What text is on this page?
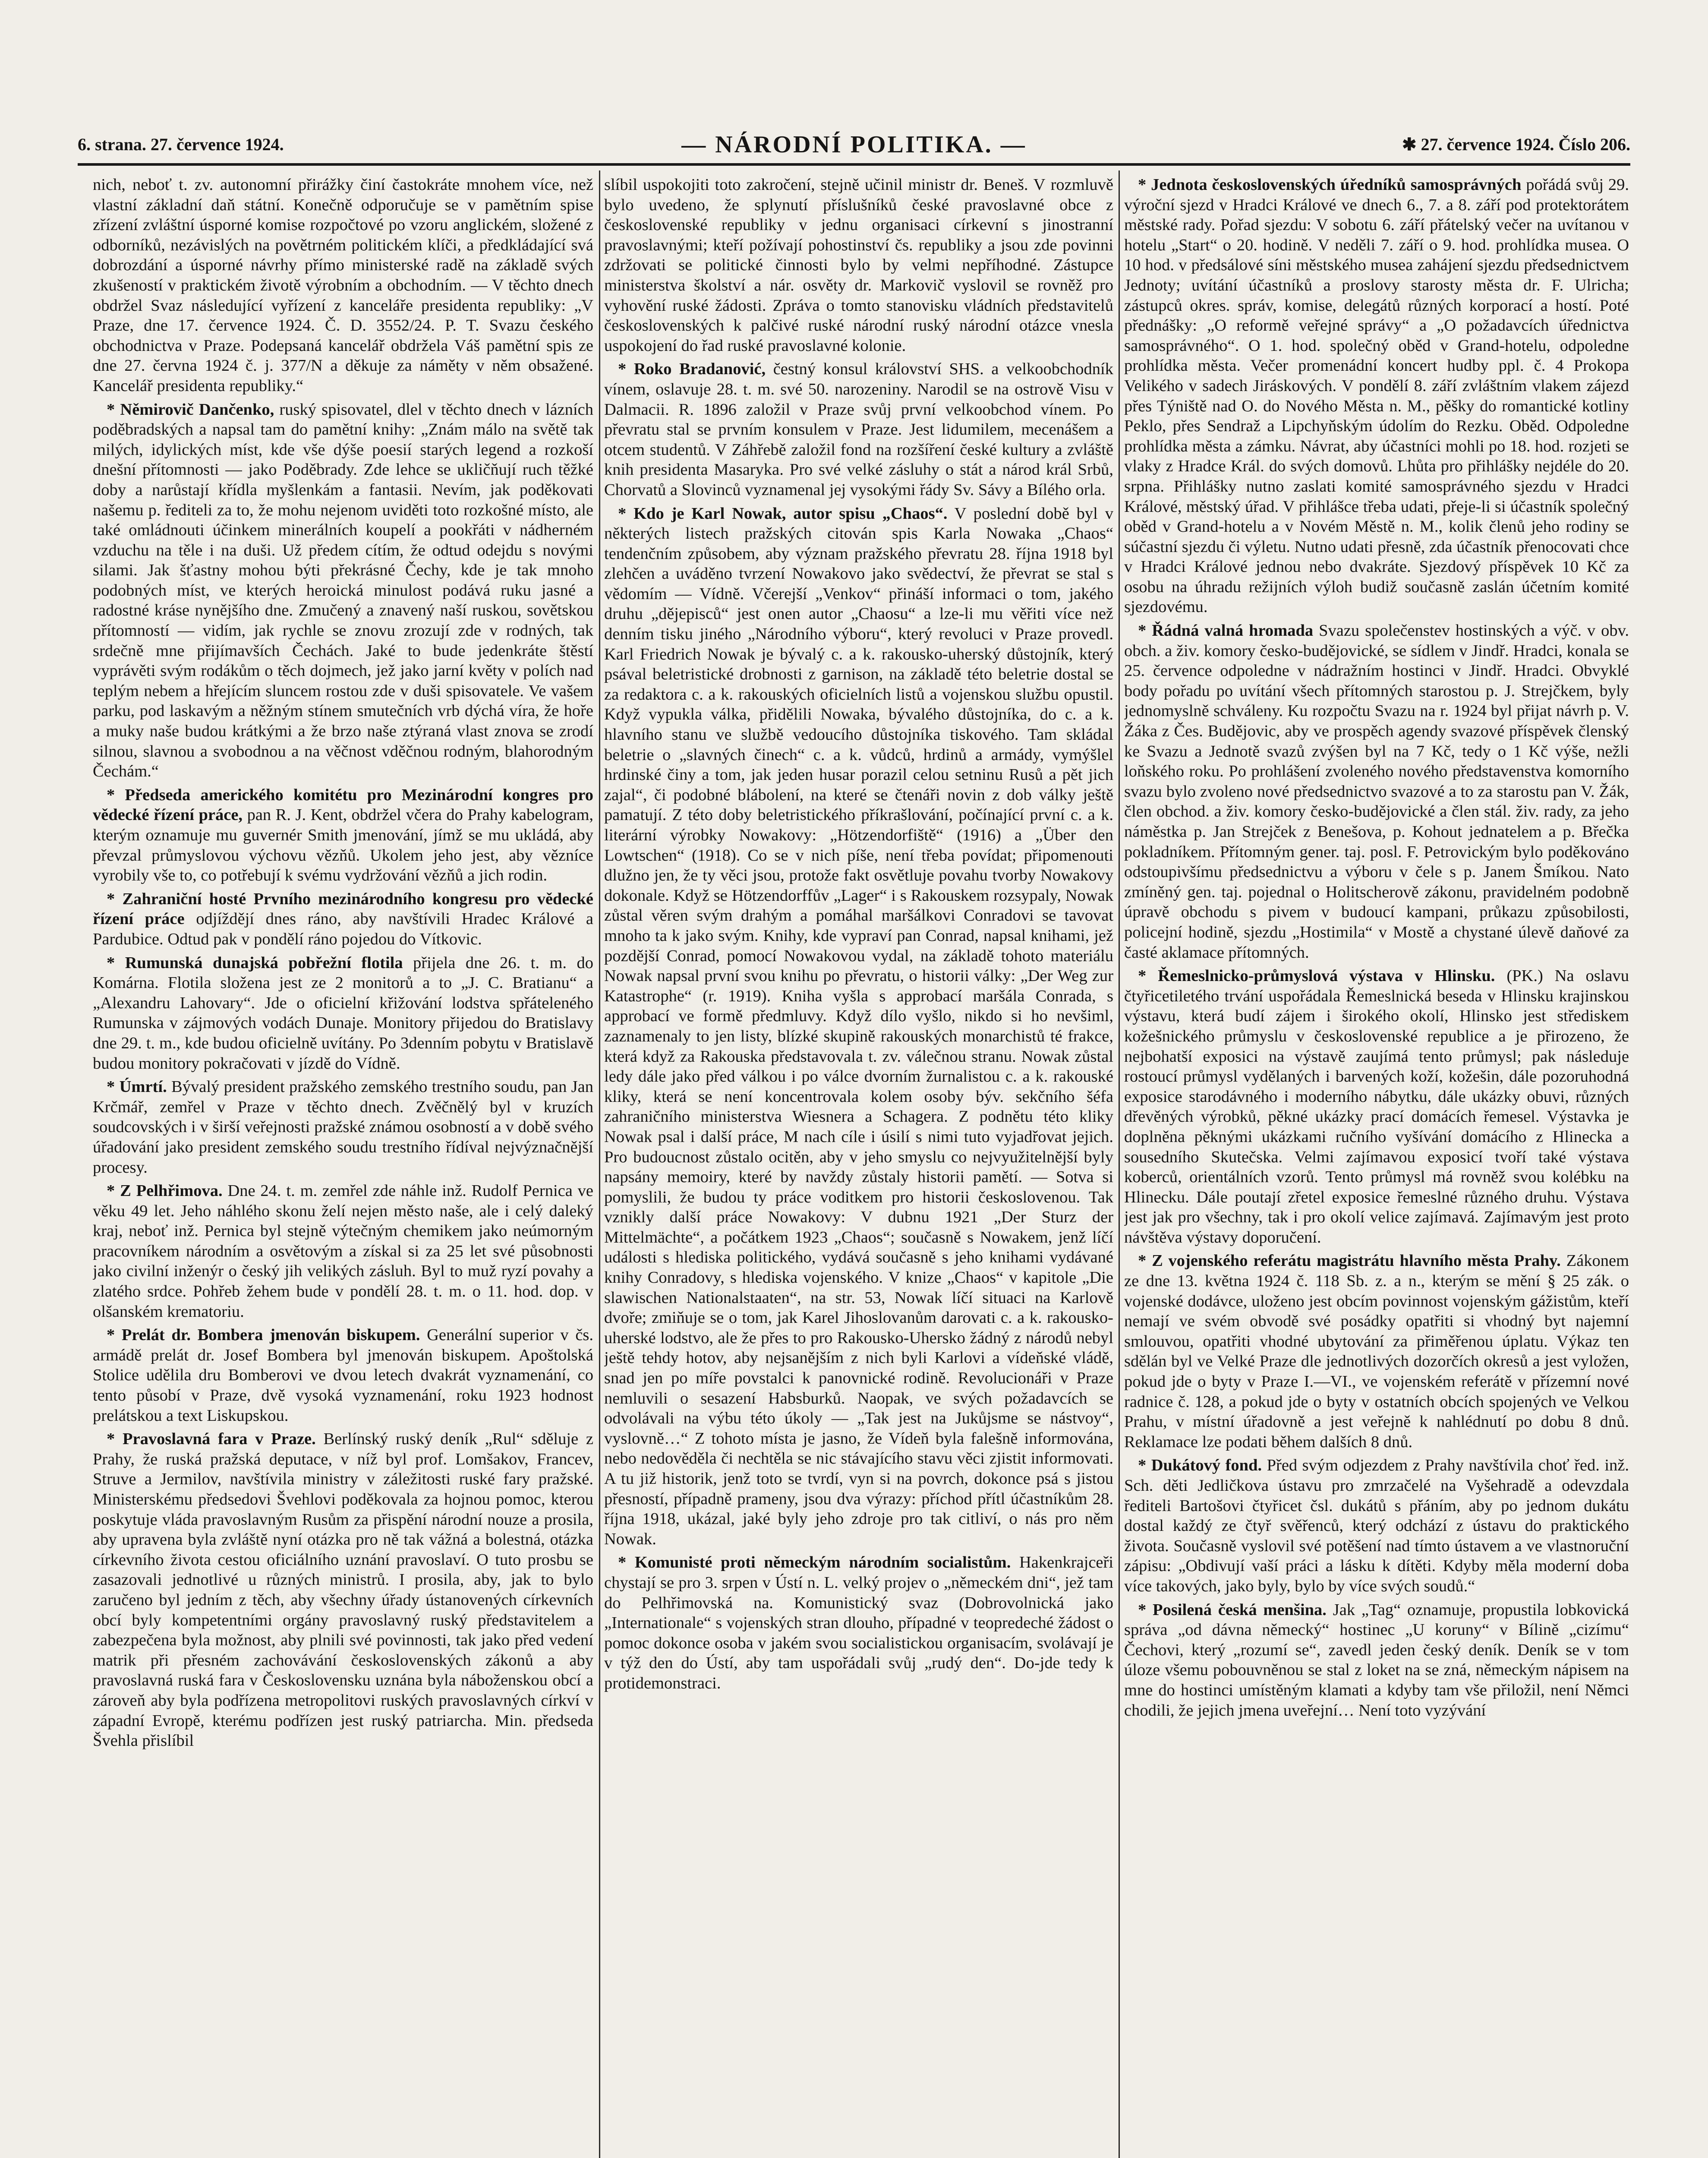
6. strana. 27. července 1924.	— NÁRODNÍ POLITIKA. —	✱ 27. července 1924. Číslo 206.

nich, neboť t. zv. autonomní přirážky činí častokráte mnohem více, než vlastní základní daň státní. Konečně odporučuje se v pamětním spise zřízení zvláštní úsporné komise rozpočtové po vzoru anglickém, složené z odborníků, nezávislých na povětrném politickém klíči, a předkládající svá dobrozdání a úsporné návrhy přímo ministerské radě na základě svých zkušeností v praktickém životě výrobním a obchodním. — V těchto dnech obdržel Svaz následující vyřízení z kanceláře presidenta republiky: „V Praze, dne 17. července 1924. Č. D. 3552/24. P. T. Svazu českého obchodnictva v Praze. Podepsaná kancelář obdržela Váš pamětní spis ze dne 27. června 1924 č. j. 377/N a děkuje za náměty v něm obsažené. Kancelář presidenta republiky.“

* Němirovič Dančenko, ruský spisovatel, dlel v těchto dnech v lázních poděbradských a napsal tam do pamětní knihy: „Znám málo na světě tak milých, idylických míst, kde vše dýše poesií starých legend a rozkoší dnešní přítomnosti — jako Poděbrady. Zde lehce se ukličňují ruch těžké doby a narůstají křídla myšlenkám a fantasii. Nevím, jak poděkovati našemu p. řediteli za to, že mohu nejenom uviděti toto rozkošné místo, ale také omládnouti účinkem minerálních koupelí a pookřáti v nádherném vzduchu na těle i na duši. Už předem cítím, že odtud odejdu s novými silami. Jak šťastny mohou býti překrásné Čechy, kde je tak mnoho podobných míst, ve kterých heroická minulost podává ruku jasné a radostné kráse nynějšího dne. Zmučený a znavený naší ruskou, sovětskou přítomností — vidím, jak rychle se znovu zrozují zde v rodných, tak srdečně mne přijímavších Čechách. Jaké to bude jedenkráte štěstí vyprávěti svým rodákům o těch dojmech, jež jako jarní květy v polích nad teplým nebem a hřejícím sluncem rostou zde v duši spisovatele. Ve vašem parku, pod laskavým a něžným stínem smutečních vrb dýchá víra, že hoře a muky naše budou krátkými a že brzo naše ztýraná vlast znova se zrodí silnou, slavnou a svobodnou a na věčnost vděčnou rodným, blahorodným Čechám.“

* Předseda amerického komitétu pro Mezinárodní kongres pro vědecké řízení práce, pan R. J. Kent, obdržel včera do Prahy kabelogram, kterým oznamuje mu guvernér Smith jmenování, jímž se mu ukládá, aby převzal průmyslovou výchovu vězňů. Ukolem jeho jest, aby vězníce vyrobily vše to, co potřebují k svému vydržování vězňů a jich rodin.

* Zahraniční hosté Prvního mezinárodního kongresu pro vědecké řízení práce odjíždějí dnes ráno, aby navštívili Hradec Králové a Pardubice. Odtud pak v pondělí ráno pojedou do Vítkovic.

* Rumunská dunajská pobřežní flotila přijela dne 26. t. m. do Komárna. Flotila složena jest ze 2 monitorů a to „J. C. Bratianu“ a „Alexandru Lahovary“. Jde o oficielní křižování lodstva spřáteleného Rumunska v zájmových vodách Dunaje. Monitory přijedou do Bratislavy dne 29. t. m., kde budou oficielně uvítány. Po 3denním pobytu v Bratislavě budou monitory pokračovati v jízdě do Vídně.

* Úmrtí. Bývalý president pražského zemského trestního soudu, pan Jan Krčmář, zemřel v Praze v těchto dnech. Zvěčnělý byl v kruzích soudcovských i v širší veřejnosti pražské známou osobností a v době svého úřadování jako president zemského soudu trestního řídíval nejvýznačnější procesy.

* Z Pelhřimova. Dne 24. t. m. zemřel zde náhle inž. Rudolf Pernica ve věku 49 let. Jeho náhlého skonu želí nejen město naše, ale i celý daleký kraj, neboť inž. Pernica byl stejně výtečným chemikem jako neúmorným pracovníkem národním a osvětovým a získal si za 25 let své působnosti jako civilní inženýr o český jih velikých zásluh. Byl to muž ryzí povahy a zlatého srdce. Pohřeb žehem bude v pondělí 28. t. m. o 11. hod. dop. v olšanském krematoriu.

* Prelát dr. Bombera jmenován biskupem. Generální superior v čs. armádě prelát dr. Josef Bombera byl jmenován biskupem. Apoštolská Stolice udělila dru Bomberovi ve dvou letech dvakrát vyznamenání, co tento působí v Praze, dvě vysoká vyznamenání, roku 1923 hodnost prelátskou a text Liskupskou.

* Pravoslavná fara v Praze. Berlínský ruský deník „Rul“ sděluje z Prahy, že ruská pražská deputace, v níž byl prof. Lomšakov, Francev, Struve a Jermilov, navštívila ministry v záležitosti ruské fary pražské. Ministerskému předsedovi Švehlovi poděkovala za hojnou pomoc, kterou poskytuje vláda pravoslavným Rusům za přispění národní nouze a prosila, aby upravena byla zvláště nyní otázka pro ně tak vážná a bolestná, otázka církevního života cestou oficiálního uznání pravoslaví. O tuto prosbu se zasazovali jednotlivé u různých ministrů. I prosila, aby, jak to bylo zaručeno byl jedním z těch, aby všechny úřady ústanovených církevních obcí byly kompetentními orgány pravoslavný ruský představitelem a zabezpečena byla možnost, aby plnili své povinnosti, tak jako před vedení matrik při přesném zachovávání československých zákonů a aby pravoslavná ruská fara v Československu uznána byla náboženskou obcí a zároveň aby byla podřízena metropolitovi ruských pravoslavných církví v západní Evropě, kterému podřízen jest ruský patriarcha. Min. předseda Švehla přislíbil

slíbil uspokojiti toto zakročení, stejně učinil ministr dr. Beneš. V rozmluvě bylo uvedeno, že splynutí příslušníků české pravoslavné obce z československé republiky v jednu organisaci církevní s jinostranní pravoslavnými; kteří požívají pohostinství čs. republiky a jsou zde povinni zdržovati se politické činnosti bylo by velmi nepříhodné. Zástupce ministerstva školství a nár. osvěty dr. Markovič vyslovil se rovněž pro vyhovění ruské žádosti. Zpráva o tomto stanovisku vládních představitelů československých k palčivé ruské národní ruský národní otázce vnesla uspokojení do řad ruské pravoslavné kolonie.

* Roko Bradanović, čestný konsul království SHS. a velkoobchodník vínem, oslavuje 28. t. m. své 50. narozeniny. Narodil se na ostrově Visu v Dalmacii. R. 1896 založil v Praze svůj první velkoobchod vínem. Po převratu stal se prvním konsulem v Praze. Jest lidumilem, mecenášem a otcem studentů. V Záhřebě založil fond na rozšíření české kultury a zvláště knih presidenta Masaryka. Pro své velké zásluhy o stát a národ král Srbů, Chorvatů a Slovinců vyznamenal jej vysokými řády Sv. Sávy a Bílého orla.

* Kdo je Karl Nowak, autor spisu „Chaos“. V poslední době byl v některých listech pražských citován spis Karla Nowaka „Chaos“ tendenčním způsobem, aby význam pražského převratu 28. října 1918 byl zlehčen a uváděno tvrzení Nowakovo jako svědectví, že převrat se stal s vědomím — Vídně. Včerejší „Venkov“ přináší informaci o tom, jakého druhu „dějepisců“ jest onen autor „Chaosu“ a lze-li mu věřiti více než denním tisku jiného „Národního výboru“, který revoluci v Praze provedl. Karl Friedrich Nowak je bývalý c. a k. rakousko-uherský důstojník, který psával beletristické drobnosti z garnison, na základě této beletrie dostal se za redaktora c. a k. rakouských oficielních listů a vojenskou službu opustil. Když vypukla válka, přidělili Nowaka, bývalého důstojníka, do c. a k. hlavního stanu ve službě vedoucího důstojníka tiskového. Tam skládal beletrie o „slavných činech“ c. a k. vůdců, hrdinů a armády, vymýšlel hrdinské činy a tom, jak jeden husar porazil celou setninu Rusů a pět jich zajal“, či podobné blábolení, na které se čtenáři novin z dob války ještě pamatují. Z této doby beletristického příkrašlování, počínající první c. a k. literární výrobky Nowakovy: „Hötzendorfiště“ (1916) a „Über den Lowtschen“ (1918). Co se v nich píše, není třeba povídat; připomenouti dlužno jen, že ty věci jsou, protože fakt osvětluje povahu tvorby Nowakovy dokonale. Když se Hötzendorffův „Lager“ i s Rakouskem rozsypaly, Nowak zůstal věren svým drahým a pomáhal maršálkovi Conradovi se tavovat mnoho ta k jako svým. Knihy, kde vypraví pan Conrad, napsal knihami, jež pozdější Conrad, pomocí Nowakovou vydal, na základě tohoto materiálu Nowak napsal první svou knihu po převratu, o historii války: „Der Weg zur Katastrophe“ (r. 1919). Kniha vyšla s approbací maršála Conrada, s approbací ve formě předmluvy. Když dílo vyšlo, nikdo si ho nevšiml, zaznamenaly to jen listy, blízké skupině rakouských monarchistů té frakce, která když za Rakouska představovala t. zv. válečnou stranu. Nowak zůstal ledy dále jako před válkou i po válce dvorním žurnalistou c. a k. rakouské kliky, která se není koncentrovala kolem osoby býv. sekčního šéfa zahraničního ministerstva Wiesnera a Schagera. Z podnětu této kliky Nowak psal i další práce, M nach cíle i úsilí s nimi tuto vyjadřovat jejich. Pro budoucnost zůstalo ocitěn, aby v jeho smyslu co nejvyužitelnější byly napsány memoiry, které by navždy zůstaly historii pamětí. — Sotva si pomyslili, že budou ty práce voditkem pro historii českoslovenou. Tak vznikly další práce Nowakovy: V dubnu 1921 „Der Sturz der Mittelmächte“, a počátkem 1923 „Chaos“; současně s Nowakem, jenž líčí události s hlediska politického, vydává současně s jeho knihami vydávané knihy Conradovy, s hlediska vojenského. V knize „Chaos“ v kapitole „Die slawischen Nationalstaaten“, na str. 53, Nowak líčí situaci na Karlově dvoře; zmiňuje se o tom, jak Karel Jihoslovanům darovati c. a k. rakousko-uherské lodstvo, ale že přes to pro Rakousko-Uhersko žádný z národů nebyl ještě tehdy hotov, aby nejsanějším z nich byli Karlovi a vídeňské vládě, snad jen po míře povstalci k panovnické rodině. Revolucionáři v Praze nemluvili o sesazení Habsburků. Naopak, ve svých požadavcích se odvolávali na výbu této úkoly — „Tak jest na Jukůjsme se nástvoy“, vyslovně…“ Z tohoto místa je jasno, že Vídeň byla falešně informována, nebo nedověděla či nechtěla se nic stávajícího stavu věci zjistit informovati. A tu již historik, jenž toto se tvrdí, vyn si na povrch, dokonce psá s jistou přesností, případně prameny, jsou dva výrazy: příchod přítl účastníkům 28. října 1918, ukázal, jaké byly jeho zdroje pro tak citliví, o nás pro něm Nowak.

* Komunisté proti německým národním socialistům. Hakenkrajceři chystají se pro 3. srpen v Ústí n. L. velký projev o „německém dni“, jež tam do Pelhřimovská na. Komunistický svaz (Dobrovolnická jako „Internationale“ s vojenských stran dlouho, případné v teopredeché žádost o pomoc dokonce osoba v jakém svou socialistickou organisacím, svolávají je v týž den do Ústí, aby tam uspořádali svůj „rudý den“. Do-jde tedy k protidemonstraci.

* Jednota československých úředníků samosprávných pořádá svůj 29. výroční sjezd v Hradci Králové ve dnech 6., 7. a 8. září pod protektorátem městské rady. Pořad sjezdu: V sobotu 6. září přátelský večer na uvítanou v hotelu „Start“ o 20. hodině. V neděli 7. září o 9. hod. prohlídka musea. O 10 hod. v předsálové síni městského musea zahájení sjezdu předsednictvem Jednoty; uvítání účastníků a proslovy starosty města dr. F. Ulricha; zástupců okres. správ, komise, delegátů různých korporací a hostí. Poté přednášky: „O reformě veřejné správy“ a „O požadavcích úřednictva samosprávného“. O 1. hod. společný oběd v Grand-hotelu, odpoledne prohlídka města. Večer promenádní koncert hudby ppl. č. 4 Prokopa Velikého v sadech Jiráskových. V pondělí 8. září zvláštním vlakem zájezd přes Týniště nad O. do Nového Města n. M., pěšky do romantické kotliny Peklo, přes Sendraž a Lipchyňským údolím do Rezku. Oběd. Odpoledne prohlídka města a zámku. Návrat, aby účastníci mohli po 18. hod. rozjeti se vlaky z Hradce Král. do svých domovů. Lhůta pro přihlášky nejdéle do 20. srpna. Přihlášky nutno zaslati komité samosprávného sjezdu v Hradci Králové, městský úřad. V přihlášce třeba udati, přeje-li si účastník společný oběd v Grand-hotelu a v Novém Městě n. M., kolik členů jeho rodiny se súčastní sjezdu či výletu. Nutno udati přesně, zda účastník přenocovati chce v Hradci Králové jednou nebo dvakráte. Sjezdový příspěvek 10 Kč za osobu na úhradu režijních výloh budiž současně zaslán účetním komité sjezdovému.

* Řádná valná hromada Svazu společenstev hostinských a výč. v obv. obch. a živ. komory česko-budějovické, se sídlem v Jindř. Hradci, konala se 25. července odpoledne v nádražním hostinci v Jindř. Hradci. Obvyklé body pořadu po uvítání všech přítomných starostou p. J. Strejčkem, byly jednomyslně schváleny. Ku rozpočtu Svazu na r. 1924 byl přijat návrh p. V. Žáka z Čes. Budějovic, aby ve prospěch agendy svazové příspěvek členský ke Svazu a Jednotě svazů zvýšen byl na 7 Kč, tedy o 1 Kč výše, nežli loňského roku. Po prohlášení zvoleného nového představenstva komorního svazu bylo zvoleno nové předsednictvo svazové a to za starostu pan V. Žák, člen obchod. a živ. komory česko-budějovické a člen stál. živ. rady, za jeho náměstka p. Jan Strejček z Benešova, p. Kohout jednatelem a p. Břečka pokladníkem. Přítomným gener. taj. posl. F. Petrovickým bylo poděkováno odstoupivšímu předsednictvu a výboru v čele s p. Janem Šmíkou. Nato zmíněný gen. taj. pojednal o Holitscherově zákonu, pravidelném podobně úpravě obchodu s pivem v budoucí kampani, průkazu způsobilosti, policejní hodině, sjezdu „Hostimila“ v Mostě a chystané úlevě daňové za časté aklamace přítomných.

* Řemeslnicko-průmyslová výstava v Hlinsku. (PK.) Na oslavu čtyřicetiletého trvání uspořádala Řemeslnická beseda v Hlinsku krajinskou výstavu, která budí zájem i širokého okolí, Hlinsko jest střediskem kožešnického průmyslu v československé republice a je přirozeno, že nejbohatší exposici na výstavě zaujímá tento průmysl; pak následuje rostoucí průmysl vydělaných i barvených koží, kožešin, dále pozoruhodná exposice starodávného i moderního nábytku, dále ukázky obuvi, různých dřevěných výrobků, pěkné ukázky prací domácích řemesel. Výstavka je doplněna pěknými ukázkami ručního vyšívání domácího z Hlinecka a sousedního Skutečska. Velmi zajímavou exposicí tvoří také výstava koberců, orientálních vzorů. Tento průmysl má rovněž svou kolébku na Hlinecku. Dále poutají zřetel exposice řemeslné různého druhu. Výstava jest jak pro všechny, tak i pro okolí velice zajímavá. Zajímavým jest proto návštěva výstavy doporučení.

* Z vojenského referátu magistrátu hlavního města Prahy. Zákonem ze dne 13. května 1924 č. 118 Sb. z. a n., kterým se mění § 25 zák. o vojenské dodávce, uloženo jest obcím povinnost vojenským gážistům, kteří nemají ve svém obvodě své posádky opatřiti si vhodný byt najemní smlouvou, opatřiti vhodné ubytování za přiměřenou úplatu. Výkaz ten sdělán byl ve Velké Praze dle jednotlivých dozorčích okresů a jest vyložen, pokud jde o byty v Praze I.—VI., ve vojenském referátě v přízemní nové radnice č. 128, a pokud jde o byty v ostatních obcích spojených ve Velkou Prahu, v místní úřadovně a jest veřejně k nahlédnutí po dobu 8 dnů. Reklamace lze podati během dalších 8 dnů.

* Dukátový fond. Před svým odjezdem z Prahy navštívila choť řed. inž. Sch. děti Jedličkova ústavu pro zmrzačelé na Vyšehradě a odevzdala řediteli Bartošovi čtyřicet čsl. dukátů s přáním, aby po jednom dukátu dostal každý ze čtyř svěřenců, který odchází z ústavu do praktického života. Současně vyslovil své potěšení nad tímto ústavem a ve vlastnoruční zápisu: „Obdivují vaší práci a lásku k dítěti. Kdyby měla moderní doba více takových, jako byly, bylo by více svých soudů.“

* Posilená česká menšina. Jak „Tag“ oznamuje, propustila lobkovická správa „od dávna německý“ hostinec „U koruny“ v Bílině „cizímu“ Čechovi, který „rozumí se“, zavedl jeden český deník. Deník se v tom úloze všemu pobouvněnou se stal z loket na se zná, německým nápisem na mne do hostinci umístěným klamati a kdyby tam vše přiložil, není Němci chodili, že jejich jmena uveřejní… Není toto vyzývání
